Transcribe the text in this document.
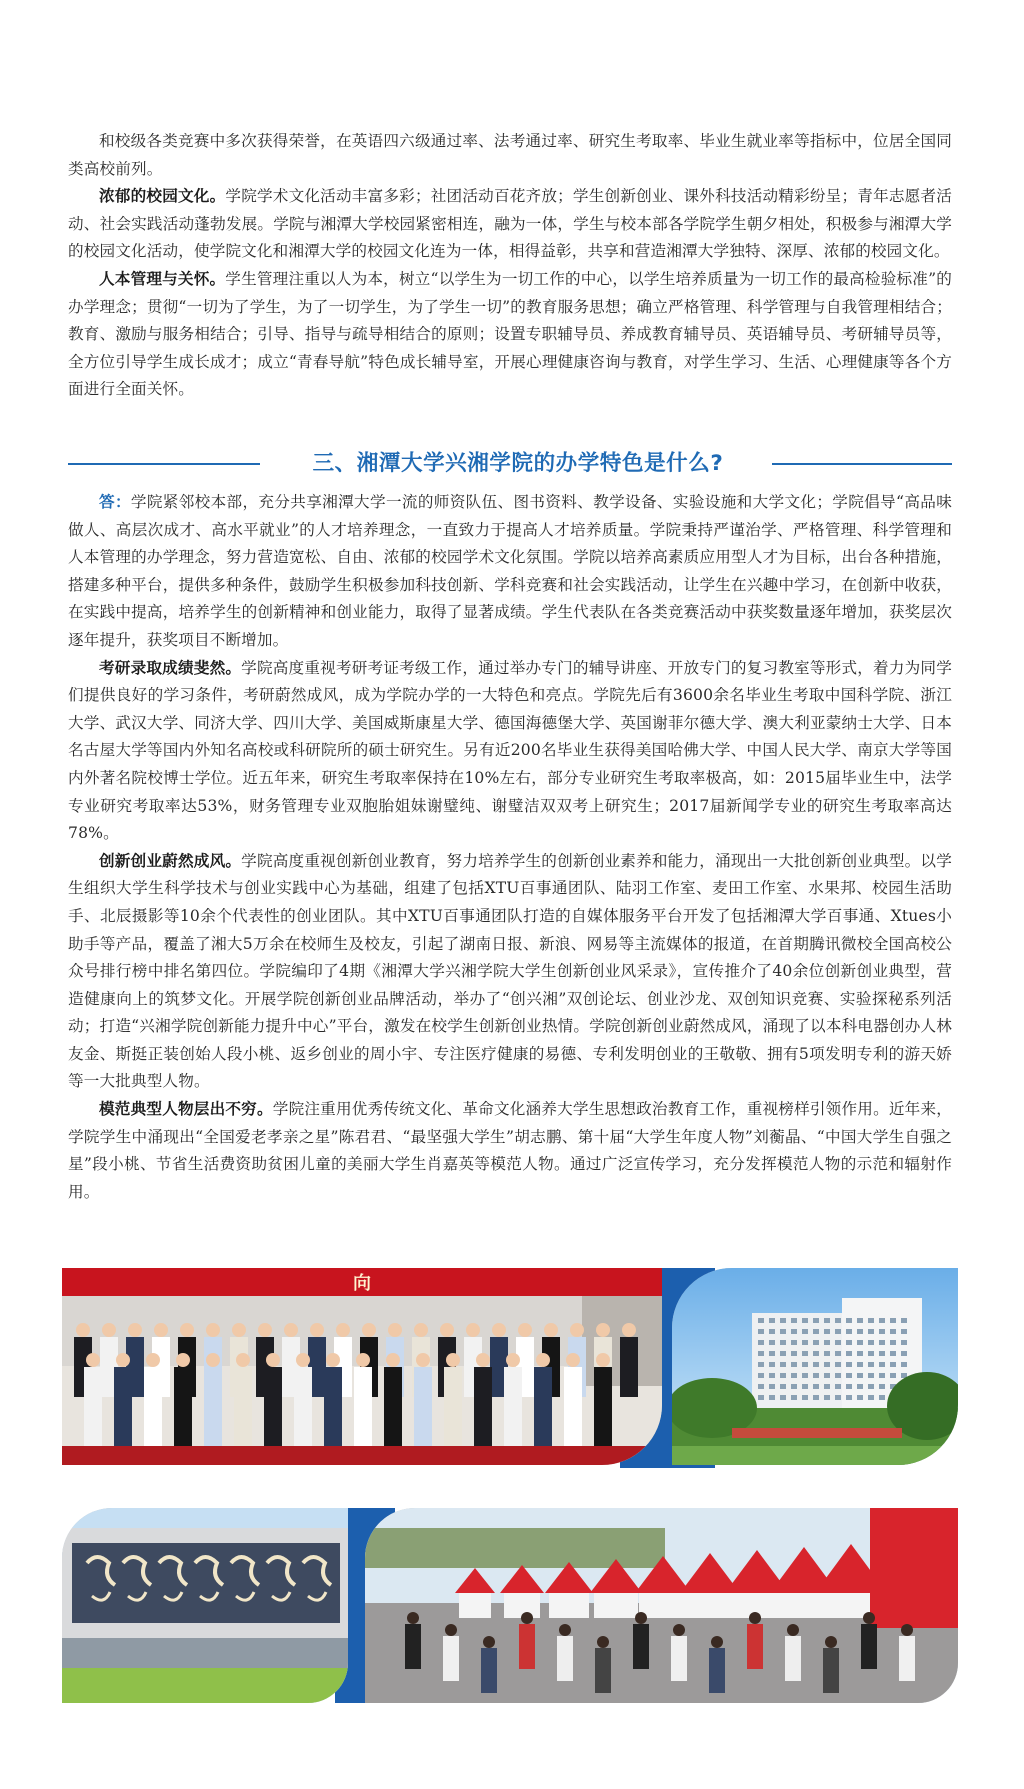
和校级各类竞赛中多次获得荣誉，在英语四六级通过率、法考通过率、研究生考取率、毕业生就业率等指标中，位居全国同类高校前列。

浓郁的校园文化。学院学术文化活动丰富多彩；社团活动百花齐放；学生创新创业、课外科技活动精彩纷呈；青年志愿者活动、社会实践活动蓬勃发展。学院与湘潭大学校园紧密相连，融为一体，学生与校本部各学院学生朝夕相处，积极参与湘潭大学的校园文化活动，使学院文化和湘潭大学的校园文化连为一体，相得益彰，共享和营造湘潭大学独特、深厚、浓郁的校园文化。

人本管理与关怀。学生管理注重以人为本，树立“以学生为一切工作的中心，以学生培养质量为一切工作的最高检验标准”的办学理念；贯彻“一切为了学生，为了一切学生，为了学生一切”的教育服务思想；确立严格管理、科学管理与自我管理相结合；教育、激励与服务相结合；引导、指导与疏导相结合的原则；设置专职辅导员、养成教育辅导员、英语辅导员、考研辅导员等，全方位引导学生成长成才；成立“青春导航”特色成长辅导室，开展心理健康咨询与教育，对学生学习、生活、心理健康等各个方面进行全面关怀。

三、湘潭大学兴湘学院的办学特色是什么?

答：学院紧邻校本部，充分共享湘潭大学一流的师资队伍、图书资料、教学设备、实验设施和大学文化；学院倡导“高品味做人、高层次成才、高水平就业”的人才培养理念，一直致力于提高人才培养质量。学院秉持严谨治学、严格管理、科学管理和人本管理的办学理念，努力营造宽松、自由、浓郁的校园学术文化氛围。学院以培养高素质应用型人才为目标，出台各种措施，搭建多种平台，提供多种条件，鼓励学生积极参加科技创新、学科竞赛和社会实践活动，让学生在兴趣中学习，在创新中收获，在实践中提高，培养学生的创新精神和创业能力，取得了显著成绩。学生代表队在各类竞赛活动中获奖数量逐年增加，获奖层次逐年提升，获奖项目不断增加。

考研录取成绩斐然。学院高度重视考研考证考级工作，通过举办专门的辅导讲座、开放专门的复习教室等形式，着力为同学们提供良好的学习条件，考研蔚然成风，成为学院办学的一大特色和亮点。学院先后有3600余名毕业生考取中国科学院、浙江大学、武汉大学、同济大学、四川大学、美国威斯康星大学、德国海德堡大学、英国谢菲尔德大学、澳大利亚蒙纳士大学、日本名古屋大学等国内外知名高校或科研院所的硕士研究生。另有近200名毕业生获得美国哈佛大学、中国人民大学、南京大学等国内外著名院校博士学位。近五年来，研究生考取率保持在10%左右，部分专业研究生考取率极高，如：2015届毕业生中，法学专业研究考取率达53%，财务管理专业双胞胎姐妹谢璧纯、谢璧洁双双考上研究生；2017届新闻学专业的研究生考取率高达78%。

创新创业蔚然成风。学院高度重视创新创业教育，努力培养学生的创新创业素养和能力，涌现出一大批创新创业典型。以学生组织大学生科学技术与创业实践中心为基础，组建了包括XTU百事通团队、陆羽工作室、麦田工作室、水果邦、校园生活助手、北辰摄影等10余个代表性的创业团队。其中XTU百事通团队打造的自媒体服务平台开发了包括湘潭大学百事通、Xtues小助手等产品，覆盖了湘大5万余在校师生及校友，引起了湖南日报、新浪、网易等主流媒体的报道，在首期腾讯微校全国高校公众号排行榜中排名第四位。学院编印了4期《湘潭大学兴湘学院大学生创新创业风采录》，宣传推介了40余位创新创业典型，营造健康向上的筑梦文化。开展学院创新创业品牌活动，举办了“创兴湘”双创论坛、创业沙龙、双创知识竞赛、实验探秘系列活动；打造“兴湘学院创新能力提升中心”平台，激发在校学生创新创业热情。学院创新创业蔚然成风，涌现了以本科电器创办人林友金、斯挺正装创始人段小桃、返乡创业的周小宇、专注医疗健康的易德、专利发明创业的王敬敬、拥有5项发明专利的游天娇等一大批典型人物。

模范典型人物层出不穷。学院注重用优秀传统文化、革命文化涵养大学生思想政治教育工作，重视榜样引领作用。近年来，学院学生中涌现出“全国爱老孝亲之星”陈君君、“最坚强大学生”胡志鹏、第十届“大学生年度人物”刘蘅晶、“中国大学生自强之星”段小桃、节省生活费资助贫困儿童的美丽大学生肖嘉英等模范人物。通过广泛宣传学习，充分发挥模范人物的示范和辐射作用。

向
